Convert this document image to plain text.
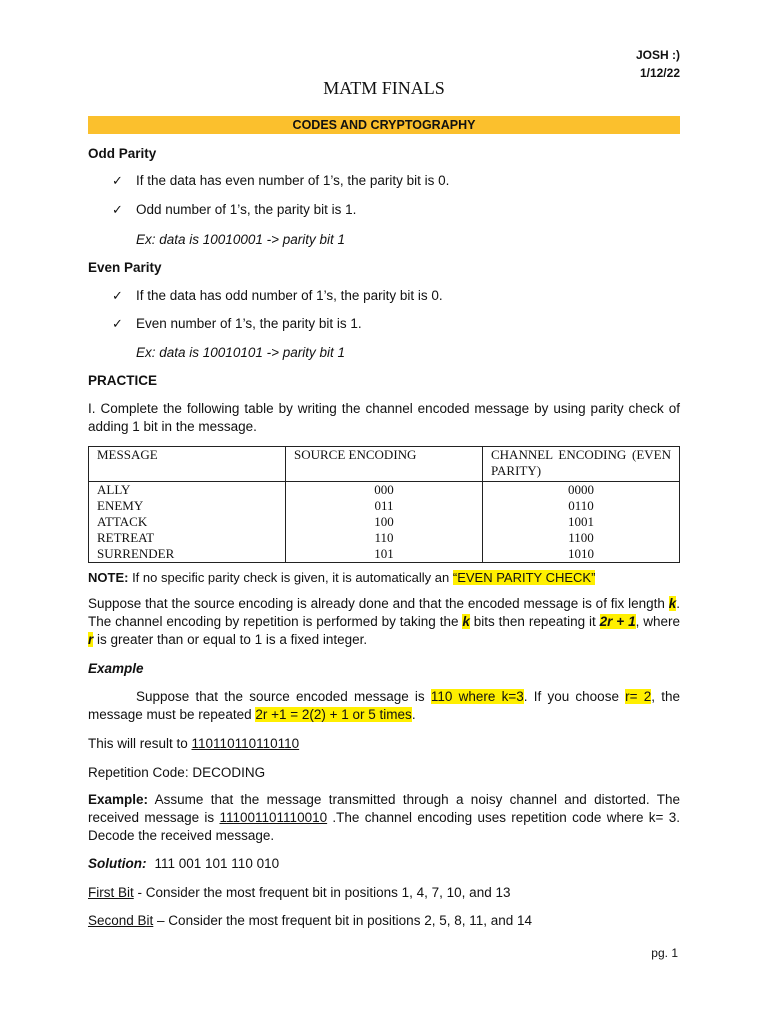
JOSH :)
1/12/22
MATM FINALS
CODES AND CRYPTOGRAPHY
Odd Parity
✓ If the data has even number of 1’s, the parity bit is 0.
✓ Odd number of 1’s, the parity bit is 1.
Ex: data is 10010001 -> parity bit 1
Even Parity
✓ If the data has odd number of 1’s, the parity bit is 0.
✓ Even number of 1’s, the parity bit is 1.
Ex: data is 10010101 -> parity bit 1
PRACTICE
I. Complete the following table by writing the channel encoded message by using parity check of adding 1 bit in the message.
MESSAGE	SOURCE ENCODING	CHANNEL ENCODING (EVEN PARITY)
ALLY	000	0000
ENEMY	011	0110
ATTACK	100	1001
RETREAT	110	1100
SURRENDER	101	1010
NOTE: If no specific parity check is given, it is automatically an “EVEN PARITY CHECK”
Suppose that the source encoding is already done and that the encoded message is of fix length k. The channel encoding by repetition is performed by taking the k bits then repeating it 2r + 1, where r is greater than or equal to 1 is a fixed integer.
Example
Suppose that the source encoded message is 110 where k=3. If you choose r= 2, the message must be repeated 2r +1 = 2(2) + 1 or 5 times.
This will result to 110110110110110
Repetition Code: DECODING
Example: Assume that the message transmitted through a noisy channel and distorted. The received message is 111001101110010 .The channel encoding uses repetition code where k= 3. Decode the received message.
Solution: 111 001 101 110 010
First Bit - Consider the most frequent bit in positions 1, 4, 7, 10, and 13
Second Bit – Consider the most frequent bit in positions 2, 5, 8, 11, and 14
pg. 1
